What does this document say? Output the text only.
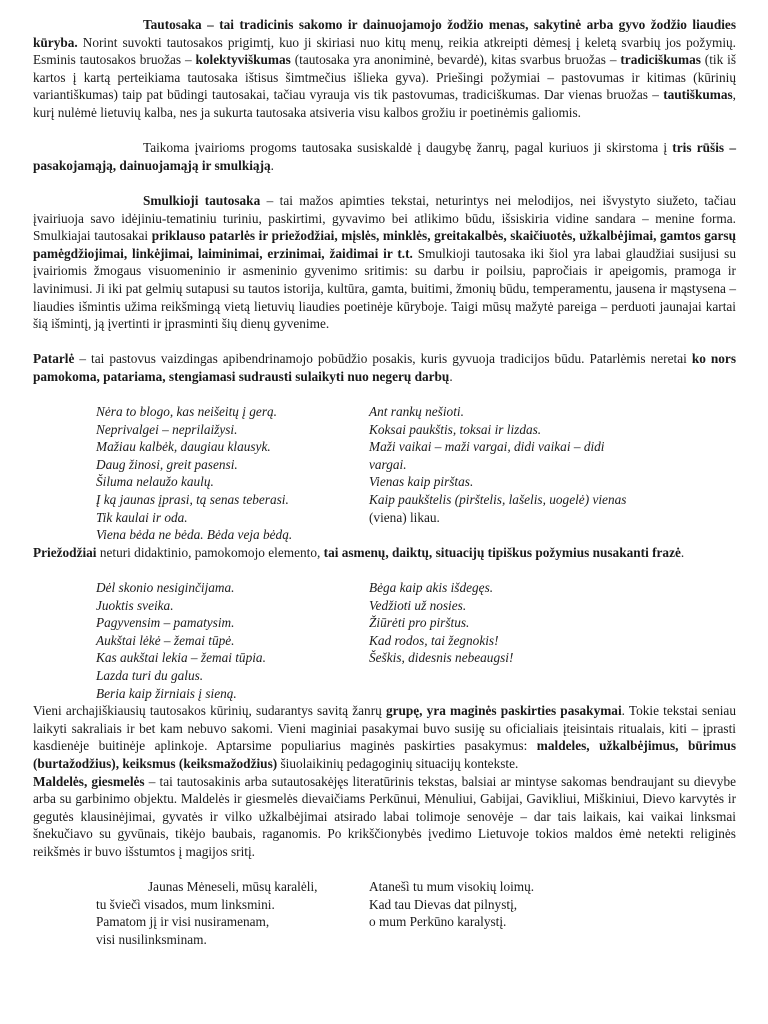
Tautosaka – tai tradicinis sakomo ir dainuojamojo žodžio menas, sakytinė arba gyvo žodžio liaudies kūryba. Norint suvokti tautosakos prigimtį, kuo ji skiriasi nuo kitų menų, reikia atkreipti dėmesį į keletą svarbių jos požymių. Esminis tautosakos bruožas – kolektyviškumas (tautosaka yra anoniminė, bevardė), kitas svarbus bruožas – tradiciškumas (tik iš kartos į kartą perteikiama tautosaka ištisus šimtmečius išlieka gyva). Priešingi požymiai – pastovumas ir kitimas (kūrinių variantiškumas) taip pat būdingi tautosakai, tačiau vyrauja vis tik pastovumas, tradiciškumas. Dar vienas bruožas – tautiškumas, kurį nulėmė lietuvių kalba, nes ja sukurta tautosaka atsiveria visu kalbos grožiu ir poetinėmis galiomis.

Taikoma įvairioms progoms tautosaka susiskaldė į daugybę žanrų, pagal kuriuos ji skirstoma į tris rūšis – pasakojamąją, dainuojamąją ir smulkiąją.

Smulkioji tautosaka – tai mažos apimties tekstai, neturintys nei melodijos, nei išvystyto siužeto, tačiau įvairiuoja savo idėjiniu-tematiniu turiniu, paskirtimi, gyvavimo bei atlikimo būdu, išsiskiria vidine sandara – menine forma. Smulkiajai tautosakai priklauso patarlės ir priežodžiai, mįslės, minklės, greitakalbės, skaičiuotės, užkalbėjimai, gamtos garsų pamėgdžiojimai, linkėjimai, laiminimai, erzinimai, žaidimai ir t.t. Smulkioji tautosaka iki šiol yra labai glaudžiai susijusi su įvairiomis žmogaus visuomeninio ir asmeninio gyvenimo sritimis: su darbu ir poilsiu, papročiais ir apeigomis, pramoga ir lavinimusi. Ji iki pat gelmių sutapusi su tautos istorija, kultūra, gamta, buitimi, žmonių būdu, temperamentu, jausena ir mąstysena – liaudies išmintis užima reikšmingą vietą lietuvių liaudies poetinėje kūryboje. Taigi mūsų mažytė pareiga – perduoti jaunajai kartai šią išmintį, ją įvertinti ir įprasminti šių dienų gyvenime.

Patarlė – tai pastovus vaizdingas apibendrinamojo pobūdžio posakis, kuris gyvuoja tradicijos būdu. Patarlėmis neretai ko nors pamokoma, patariama, stengiamasi sudrausti sulaikyti nuo negerų darbų.

Nėra to blogo, kas neišeitų į gerą.
Neprivalgei – neprilaižysi.
Mažiau kalbėk, daugiau klausyk.
Daug žinosi, greit pasensi.
Šiluma nelaužo kaulų.
Į ką jaunas įprasi, tą senas teberasi.
Tik kaulai ir oda.
Viena bėda ne bėda. Bėda veja bėdą.
Ant rankų nešioti.
Koksai paukštis, toksai ir lizdas.
Maži vaikai – maži vargai, didi vaikai – didi vargai.
Vienas kaip pirštas.
Kaip paukštelis (pirštelis, lašelis, uogelė) vienas (viena) likau.

Priežodžiai neturi didaktinio, pamokomojo elemento, tai asmenų, daiktų, situacijų tipiškus požymius nusakanti frazė.

Dėl skonio nesiginčijama.
Juoktis sveika.
Pagyvensim – pamatysim.
Aukštai lėkė – žemai tūpė.
Kas aukštai lekia – žemai tūpia.
Lazda turi du galus.
Beria kaip žirniais į sieną.
Bėga kaip akis išdegęs.
Vedžioti už nosies.
Žiūrėti pro pirštus.
Kad rodos, tai žegnokis!
Šeškis, didesnis nebeaugsi!

Vieni archajiškiausių tautosakos kūrinių, sudarantys savitą žanrų grupę, yra maginės paskirties pasakymai. Tokie tekstai seniau laikyti sakraliais ir bet kam nebuvo sakomi. Vieni maginiai pasakymai buvo susiję su oficialiais įteisintais ritualais, kiti – įprasti kasdienėje buitinėje aplinkoje. Aptarsime populiarius maginės paskirties pasakymus: maldeles, užkalbėjimus, būrimus (burtažodžius), keiksmus (keiksmažodžius) šiuolaikinių pedagoginių situacijų kontekste.

Maldelės, giesmelės – tai tautosakinis arba sutautosakėjęs literatūrinis tekstas, balsiai ar mintyse sakomas bendraujant su dievybe arba su garbinimo objektu. Maldelės ir giesmelės dievaičiams Perkūnui, Mėnuliui, Gabijai, Gavikliui, Miškiniui, Dievo karvytės ir gegutės klausinėjimai, gyvatės ir vilko užkalbėjimai atsirado labai tolimoje senovėje – dar tais laikais, kai vaikai linksmai šnekučiavo su gyvūnais, tikėjo baubais, raganomis. Po krikščionybės įvedimo Lietuvoje tokios maldos ėmė netekti religinės reikšmės ir buvo išstumtos į magijos sritį.

Jaunas Mėneseli, mūsų karalėli,
tu šviečì visados, mum linksmini.
Pamatom jį ir visi nusiramenam,
visi nusilinksminam.
Atanešì tu mum visokių loimų.
Kad tau Dievas dat pilnystį,
o mum Perkūno karalystį.
